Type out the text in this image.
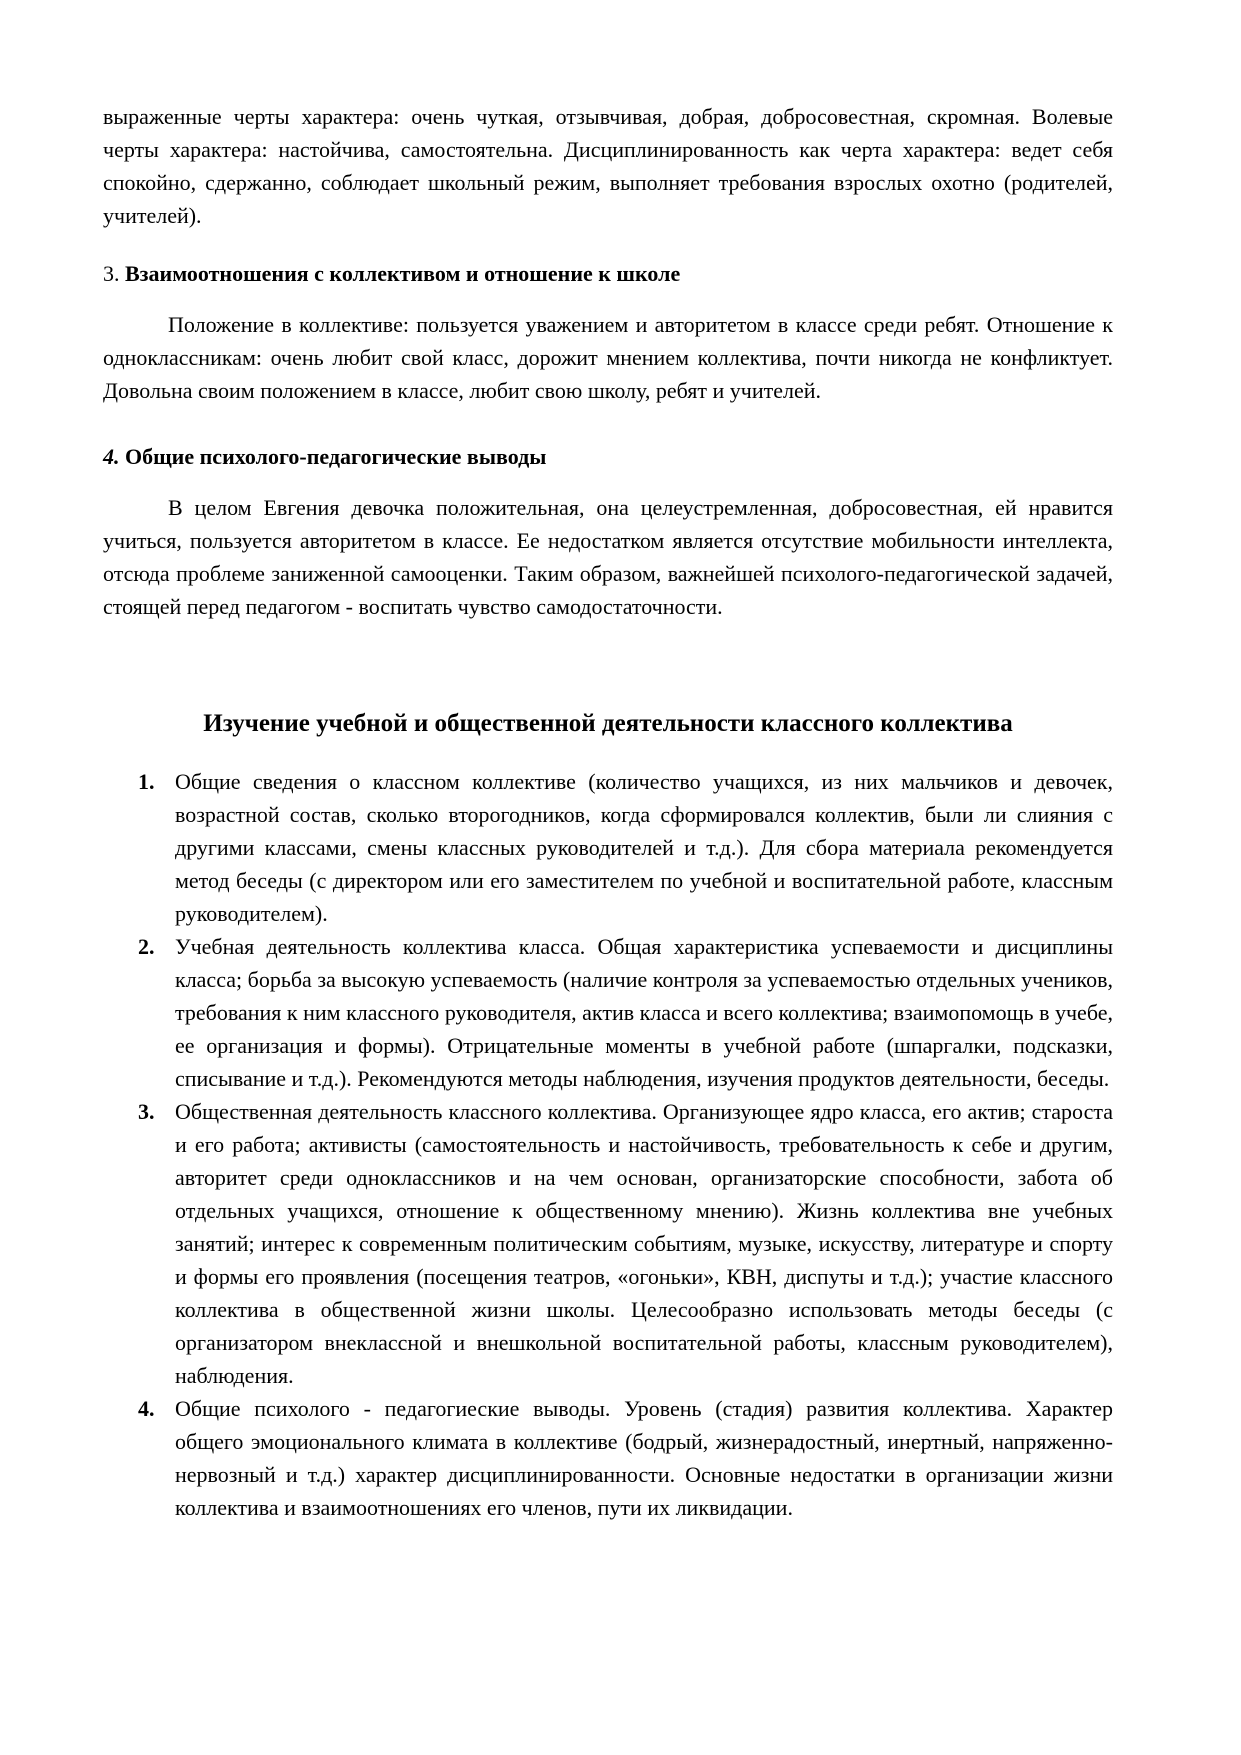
выраженные черты характера: очень чуткая, отзывчивая, добрая, добросовестная, скромная. Волевые черты характера: настойчива, самостоятельна. Дисциплинированность как черта характера: ведет себя спокойно, сдержанно, соблюдает школьный режим, выполняет требования взрослых охотно (родителей, учителей).

3. Взаимоотношения с коллективом и отношение к школе

Положение в коллективе: пользуется уважением и авторитетом в классе среди ребят. Отношение к одноклассникам: очень любит свой класс, дорожит мнением коллектива, почти никогда не конфликтует. Довольна своим положением в классе, любит свою школу, ребят и учителей.

4. Общие психолого-педагогические выводы

В целом Евгения девочка положительная, она целеустремленная, добросовестная, ей нравится учиться, пользуется авторитетом в классе. Ее недостатком является отсутствие мобильности интеллекта, отсюда проблеме заниженной самооценки. Таким образом, важнейшей психолого-педагогической задачей, стоящей перед педагогом - воспитать чувство самодостаточности.

Изучение учебной и общественной деятельности классного коллектива
1. Общие сведения о классном коллективе (количество учащихся, из них мальчиков и девочек, возрастной состав, сколько второгодников, когда сформировался коллектив, были ли слияния с другими классами, смены классных руководителей и т.д.). Для сбора материала рекомендуется метод беседы (с директором или его заместителем по учебной и воспитательной работе, классным руководителем).
2. Учебная деятельность коллектива класса. Общая характеристика успеваемости и дисциплины класса; борьба за высокую успеваемость (наличие контроля за успеваемостью отдельных учеников, требования к ним классного руководителя, актив класса и всего коллектива; взаимопомощь в учебе, ее организация и формы). Отрицательные моменты в учебной работе (шпаргалки, подсказки, списывание и т.д.). Рекомендуются методы наблюдения, изучения продуктов деятельности, беседы.
3. Общественная деятельность классного коллектива. Организующее ядро класса, его актив; староста и его работа; активисты (самостоятельность и настойчивость, требовательность к себе и другим, авторитет среди одноклассников и на чем основан, организаторские способности, забота об отдельных учащихся, отношение к общественному мнению). Жизнь коллектива вне учебных занятий; интерес к современным политическим событиям, музыке, искусству, литературе и спорту и формы его проявления (посещения театров, «огоньки», КВН, диспуты и т.д.); участие классного коллектива в общественной жизни школы. Целесообразно использовать методы беседы (с организатором внеклассной и внешкольной воспитательной работы, классным руководителем), наблюдения.
4. Общие психолого - педагогиеские выводы. Уровень (стадия) развития коллектива. Характер общего эмоционального климата в коллективе (бодрый, жизнерадостный, инертный, напряженно-нервозный и т.д.) характер дисциплинированности. Основные недостатки в организации жизни коллектива и взаимоотношениях его членов, пути их ликвидации.
